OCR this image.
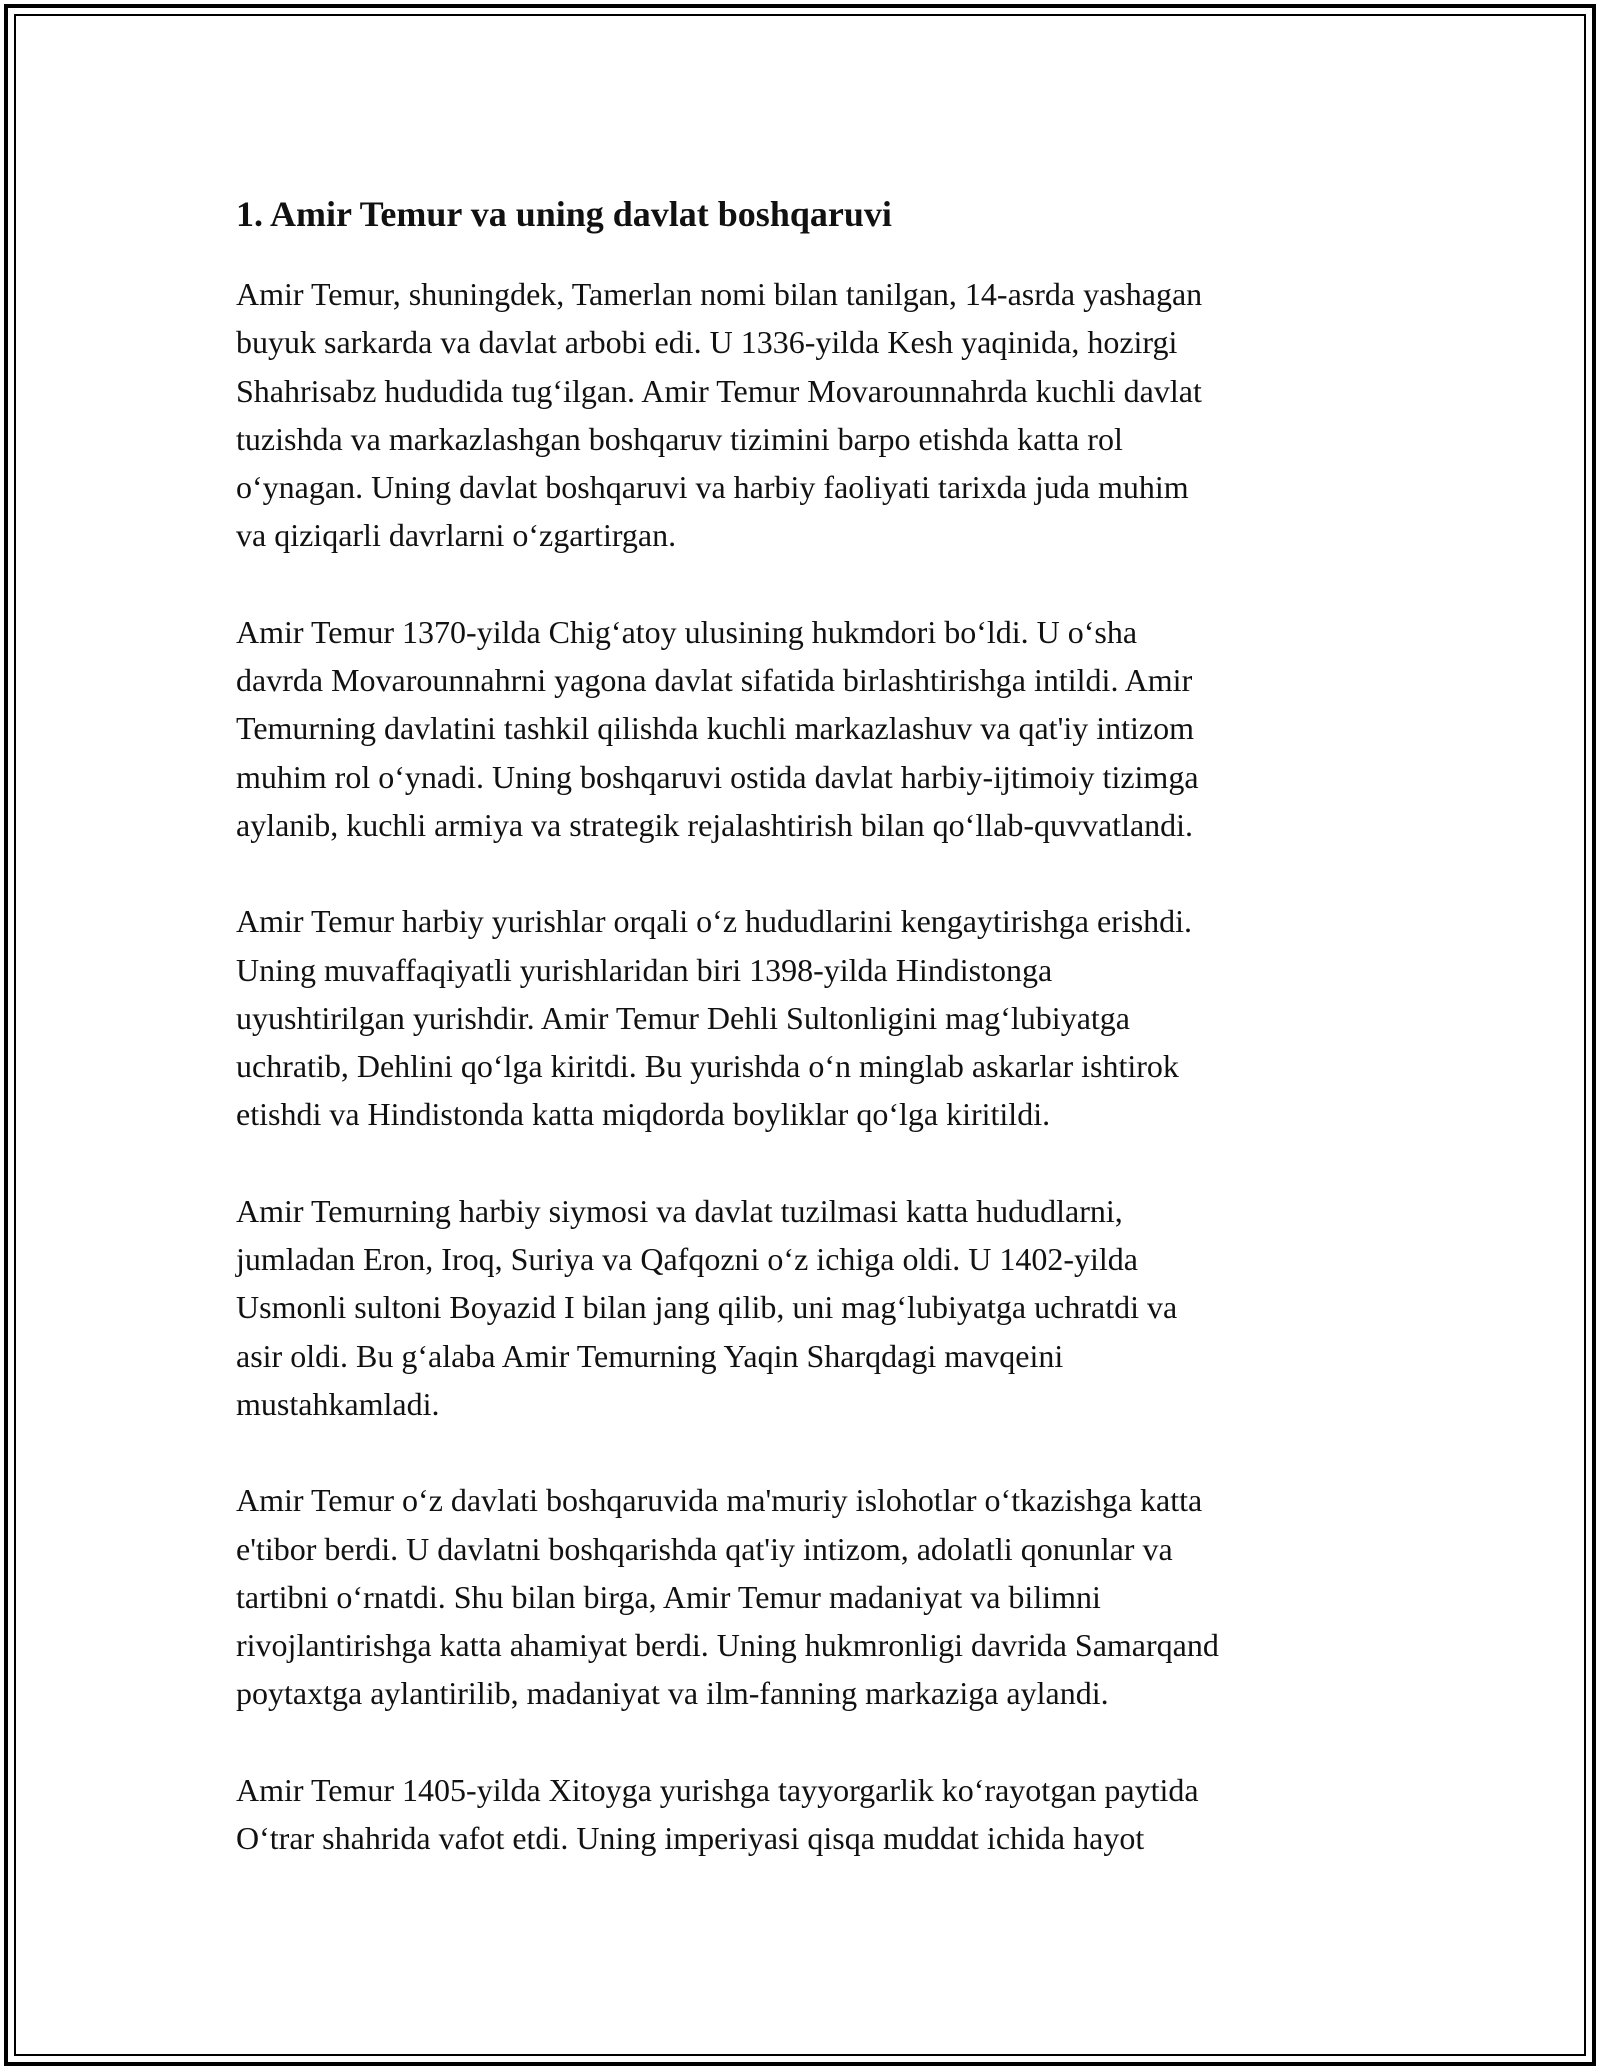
1. Amir Temur va uning davlat boshqaruvi

Amir Temur, shuningdek, Tamerlan nomi bilan tanilgan, 14-asrda yashagan
buyuk sarkarda va davlat arbobi edi. U 1336-yilda Kesh yaqinida, hozirgi
Shahrisabz hududida tug‘ilgan. Amir Temur Movarounnahrda kuchli davlat
tuzishda va markazlashgan boshqaruv tizimini barpo etishda katta rol
o‘ynagan. Uning davlat boshqaruvi va harbiy faoliyati tarixda juda muhim
va qiziqarli davrlarni o‘zgartirgan.

Amir Temur 1370-yilda Chig‘atoy ulusining hukmdori bo‘ldi. U o‘sha
davrda Movarounnahrni yagona davlat sifatida birlashtirishga intildi. Amir
Temurning davlatini tashkil qilishda kuchli markazlashuv va qat'iy intizom
muhim rol o‘ynadi. Uning boshqaruvi ostida davlat harbiy-ijtimoiy tizimga
aylanib, kuchli armiya va strategik rejalashtirish bilan qo‘llab-quvvatlandi.

Amir Temur harbiy yurishlar orqali o‘z hududlarini kengaytirishga erishdi.
Uning muvaffaqiyatli yurishlaridan biri 1398-yilda Hindistonga
uyushtirilgan yurishdir. Amir Temur Dehli Sultonligini mag‘lubiyatga
uchratib, Dehlini qo‘lga kiritdi. Bu yurishda o‘n minglab askarlar ishtirok
etishdi va Hindistonda katta miqdorda boyliklar qo‘lga kiritildi.

Amir Temurning harbiy siymosi va davlat tuzilmasi katta hududlarni,
jumladan Eron, Iroq, Suriya va Qafqozni o‘z ichiga oldi. U 1402-yilda
Usmonli sultoni Boyazid I bilan jang qilib, uni mag‘lubiyatga uchratdi va
asir oldi. Bu g‘alaba Amir Temurning Yaqin Sharqdagi mavqeini
mustahkamladi.

Amir Temur o‘z davlati boshqaruvida ma'muriy islohotlar o‘tkazishga katta
e'tibor berdi. U davlatni boshqarishda qat'iy intizom, adolatli qonunlar va
tartibni o‘rnatdi. Shu bilan birga, Amir Temur madaniyat va bilimni
rivojlantirishga katta ahamiyat berdi. Uning hukmronligi davrida Samarqand
poytaxtga aylantirilib, madaniyat va ilm-fanning markaziga aylandi.

Amir Temur 1405-yilda Xitoyga yurishga tayyorgarlik ko‘rayotgan paytida
O‘trar shahrida vafot etdi. Uning imperiyasi qisqa muddat ichida hayot
